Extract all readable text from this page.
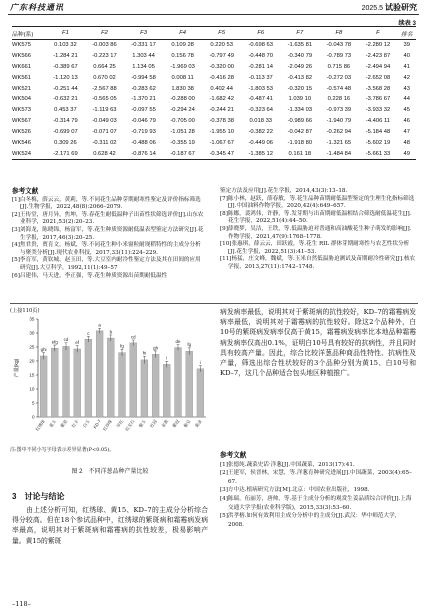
广东科技通讯	2025.5 试验研究
续表 3
品种(系)	F1	F2	F3	F4	F5	F6	F7	F8	F	排名
WK575	0.103 32	-0.003 86	-0.331 17	0.109 28	0.220 53	-0.698 63	-1.635 81	-0.043 78	-2.280 12	39
WK566	-1.284 21	-0.223 17	1.303 44	0.156 78	-0.797 49	-0.448 70	-0.340 79	-0.789 73	-2.423 87	40
WK661	-0.389 67	0.664 25	1.134 05	-1.969 03	-0.320 00	-0.281 14	-2.049 26	0.715 86	-2.494 94	41
WK561	-1.120 13	0.670 02	-0.994 58	0.008 11	-0.416 28	-0.113 37	-0.413 82	-0.272 03	-2.652 08	42
WK521	-0.251 44	-2.567 88	-0.283 62	1.830 38	0.402 44	-1.803 53	-0.320 15	-0.574 48	-3.568 28	43
WK504	-0.632 21	-0.565 05	-1.370 21	-0.288 00	-1.682 42	-0.487 41	1.039 10	0.228 16	-3.786 67	44
WK573	0.453 37	-1.119 63	-0.097 55	-0.294 24	-0.244 21	-0.323 64	-1.334 03	-0.973 39	-3.933 32	45
WK567	-0.314 79	-0.049 03	-0.046 79	-0.705 00	-0.378 38	0.018 33	-0.989 66	-1.940 79	-4.406 11	46
WK526	-0.699 07	-0.071 07	-0.719 93	-1.051 28	-1.955 10	-0.382 22	-0.042 87	-0.262 94	-5.184 48	47
WK546	0.309 26	-0.311 02	-0.488 06	-0.355 19	-1.067 67	-0.449 06	-1.918 80	-1.321 65	-5.602 19	48
WK524	-2.171 69	0.628 42	-0.876 14	-0.187 67	-0.345 47	-1.385 12	0.161 18	-1.484 84	-5.661 33	49
参考文献

[1]白冬梅，薛云云，黄莉，等.不同花生品种芽期耐寒性鉴定及评价指标筛选[J].生物学报，2022,48(8):2066–2079.

[2]王传堂，唐月异，焦坤，等.春花生耐低温种子出苗性状筛选评价[J].山东农业科学，2021,53(2):20–23.

[3]刘海龙，陈晓锦，杨富军，等.花生种质资源耐低温表型鉴定方法研究[J].花生学报，2017,46(3):20–25.

[4]焦君贵，贾育文，杨斌，等.不同花生种小米窗粒耐现稻特性的主成分分析与聚类分析[J].现代农业科技，2017,33(11):224–229.

[5]李育军，黄钦城，赵玉田，等.大豆室内耐冷性鉴定方法及其在田间的应用研究[J].大豆科学，1992,11(1):49–57

[6]吕建伟，马天进，李正强，等.花生种质资源出苗期耐低温性

鉴定方法及应用[J].花生学报，2014,43(3):13–18.

[7]陈小林，赵跃，薛春敏，等.花生品种苗期耐低温型鉴定的生理生化指标筛选[J].中国油料作物学报，2020,42(4):649–657.

[8]陈娜，裴鸿伟，许静，等.发芽期与出苗期耐低温相结合筛选耐低温花生[J].花生学报，2022,51(4):44–50.

[9]薛晓梦，吴洁，王铁，等.低温胁迫对普通和高油酸花生种子萌发的影响[J].作物学报，2021,47(9):1768–1778.

[10]张惠琪，薛云云，田跃霞，等.花生 RIL 群体芽期耐寒性与农艺性状分析[J].花生学报，2022,51(3):41–53.

[11]杨猛，庄文峰，魏斌，等.玉米自然低温胁迫测试及苗期耐冷性研究[J].核农学报，2013,27(11):1742–1748.

(上接110页)
0
5
10
15
20
25
30
35
产量(kg)
ghi
红绣球
efg
黄玉
cd
紫星
ef
红丰
c
白玉
a
KD-7
b
红珍珠
fg
早红
cd
红宝石
hi
紫玉
gh
红冠
i
金黄
de
紫冠
fg
紫皇
i
黄金
注:图中不同小写字母表示差异显著(P<0.05)。
图 2　不同洋葱品种产量比较
3　讨论与结论
　　由上述分析可知，红绣球、黄15、KD–7的主成分分析综合得分较高。但在18个参试品种中，红绣球的紫斑病和霜霉病发病率最高，说明其对于紫斑病和霜霉病的抗性较差，极易影响产量。黄15的紫斑
病发病率最低，说明其对于紫斑病的抗性较好，KD–7的霜霉病发病率最低，说明其对于霜霉病的抗性较好。除这2个品种外，白10号的紫斑病发病率仅高于黄15，霜霉病发病率比本地品种霜霉病发病率仅高出0.1%，证明白10号具有较好的抗病性，并且同时具有较高产量。因此，综合比较洋葱品种商品性特性、抗病性及产量，筛选出综合性状较好的3个品种分别为黄15、白10号和KD–7，这几个品种适合包头地区种植推广。
参考文献

[1]张德纯.蔬菜史话·洋葱[J].中国蔬菜，2013(17):41.

[2]王建军，侯晋林，宋慧，等.洋葱育种研究进展[J].中国蔬菜，2003(4):65–67.

[3]方中达.植病研究方法[M].北京：中国农业出版社，1998.

[4]陈瑞，伍丽芳，唐帅，等.基于主成分分析的观赏生姜品质综合评价[J].上海交通大学学报(农业科学版)，2015,33(3):53–60.

[5]洪孝榕.如何有效利用主成分分析中的主成分[J].武汉：华中师范大学，2008.

–118–
